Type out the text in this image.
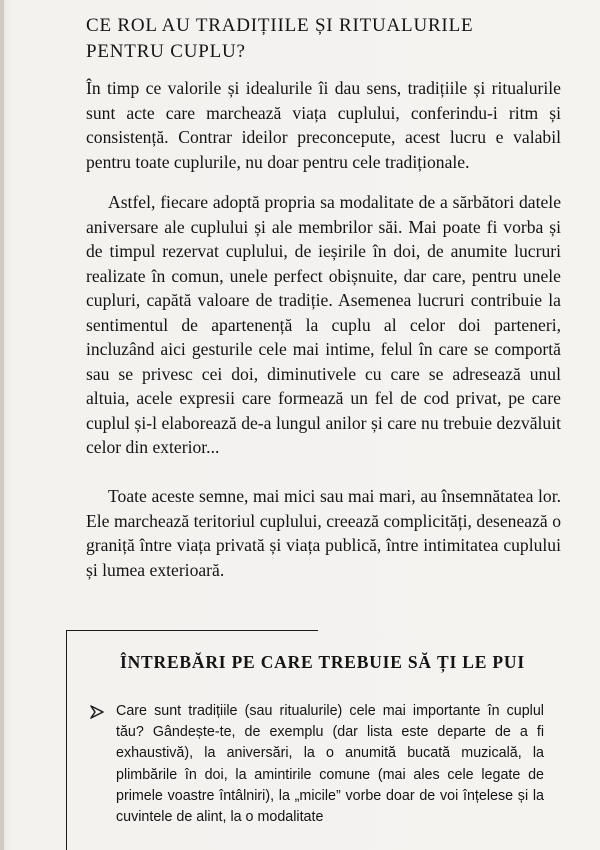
CE ROL AU TRADIȚIILE ȘI RITUALURILE
PENTRU CUPLU?

În timp ce valorile și idealurile îi dau sens, tradițiile și ritualurile sunt acte care marchează viața cuplului, conferindu-i ritm și consistență. Contrar ideilor preconcepute, acest lucru e valabil pentru toate cuplurile, nu doar pentru cele tradiționale.

Astfel, fiecare adoptă propria sa modalitate de a sărbători datele aniversare ale cuplului și ale membrilor săi. Mai poate fi vorba și de timpul rezervat cuplului, de ieșirile în doi, de anumite lucruri realizate în comun, unele perfect obișnuite, dar care, pentru unele cupluri, capătă valoare de tradiție. Asemenea lucruri contribuie la sentimentul de apartenență la cuplu al celor doi parteneri, incluzând aici gesturile cele mai intime, felul în care se comportă sau se privesc cei doi, diminutivele cu care se adresează unul altuia, acele expresii care formează un fel de cod privat, pe care cuplul și-l elaborează de-a lungul anilor și care nu trebuie dezvăluit celor din exterior...

Toate aceste semne, mai mici sau mai mari, au însemnătatea lor. Ele marchează teritoriul cuplului, creează complicități, desenează o graniță între viața privată și viața publică, între intimitatea cuplului și lumea exterioară.

ÎNTREBĂRI PE CARE TREBUIE SĂ ȚI LE PUI

Care sunt tradițiile (sau ritualurile) cele mai importante în cuplul tău? Gândește-te, de exemplu (dar lista este departe de a fi exhaustivă), la aniversări, la o anumită bucată muzicală, la plimbările în doi, la amintirile comune (mai ales cele legate de primele voastre întâlniri), la „micile” vorbe doar de voi înțelese și la cuvintele de alint, la o modalitate
